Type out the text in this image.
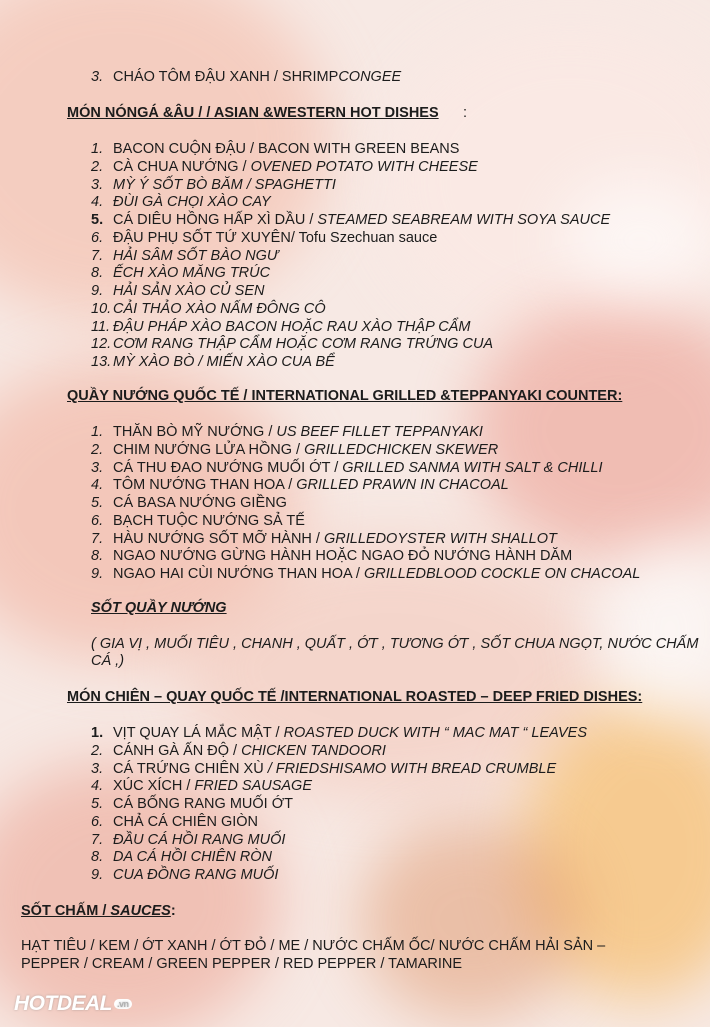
3. CHÁO TÔM ĐẬU XANH / SHRIMPCONGEE
MÓN NÓNGÁ &ÂU / / ASIAN &WESTERN HOT DISHES :
1. BACON CUỘN ĐẬU / BACON WITH GREEN BEANS
2. CÀ CHUA NƯỚNG / OVENED POTATO WITH CHEESE
3. MỲ Ý SỐT BÒ BĂM / SPAGHETTI
4. ĐÙI GÀ CHỌI XÀO CAY
5. CÁ DIÊU HỒNG HẤP XÌ DẦU / STEAMED SEABREAM WITH SOYA SAUCE
6. ĐẬU PHỤ SỐT TỨ XUYÊN/ Tofu Szechuan sauce
7. HẢI SÂM SỐT BÀO NGƯ
8. ẾCH XÀO MĂNG TRÚC
9. HẢI SẢN XÀO CỦ SEN
10. CẢI THẢO XÀO NẤM ĐÔNG CÔ
11. ĐẬU PHÁP XÀO BACON HOẶC RAU XÀO THẬP CẨM
12. CƠM RANG THẬP CẨM HOẶC CƠM RANG TRỨNG CUA
13. MỲ XÀO BÒ / MIẾN XÀO CUA BỂ
QUẦY NƯỚNG QUỐC TẾ / INTERNATIONAL GRILLED &TEPPANYAKI COUNTER:
1. THĂN BÒ MỸ NƯỚNG / US BEEF FILLET TEPPANYAKI
2. CHIM NƯỚNG LỬA HỒNG / GRILLEDCHICKEN SKEWER
3. CÁ THU ĐAO NƯỚNG MUỐI ỚT / GRILLED SANMA WITH SALT & CHILLI
4. TÔM NƯỚNG THAN HOA / GRILLED PRAWN IN CHACOAL
5. CÁ BASA NƯỚNG GIỀNG
6. BẠCH TUỘC NƯỚNG SẢ TẾ
7. HÀU NƯỚNG SỐT MỠ HÀNH / GRILLEDOYSTER WITH SHALLOT
8. NGAO NƯỚNG GỪNG HÀNH HOẶC NGAO ĐỎ NƯỚNG HÀNH DĂM
9. NGAO HAI CÙI NƯỚNG THAN HOA / GRILLEDBLOOD COCKLE ON CHACOAL
SỐT QUẦY NƯỚNG
( GIA VỊ , MUỐI TIÊU , CHANH , QUẤT , ỚT , TƯƠNG ỚT , SỐT CHUA NGỌT, NƯỚC CHẤM CÁ ,)
MÓN CHIÊN – QUAY QUỐC TẾ /INTERNATIONAL ROASTED – DEEP FRIED DISHES:
1. VỊT QUAY LÁ MẮC MẬT / ROASTED DUCK WITH “ MAC MAT “ LEAVES
2. CÁNH GÀ ẤN ĐỘ / CHICKEN TANDOORI
3. CÁ TRỨNG CHIÊN XÙ / FRIEDSHISAMO WITH BREAD CRUMBLE
4. XÚC XÍCH / FRIED SAUSAGE
5. CÁ BỐNG RANG MUỐI ỚT
6. CHẢ CÁ CHIÊN GIÒN
7. ĐẦU CÁ HỒI RANG MUỐI
8. DA CÁ HỒI CHIÊN RÒN
9. CUA ĐỒNG RANG MUỐI
SỐT CHẤM / SAUCES:
HẠT TIÊU / KEM / ỚT XANH / ỚT ĐỎ / ME / NƯỚC CHẤM ỐC/ NƯỚC CHẤM HẢI SẢN –
PEPPER / CREAM / GREEN PEPPER / RED PEPPER / TAMARINE
HOTDEAL .vn
